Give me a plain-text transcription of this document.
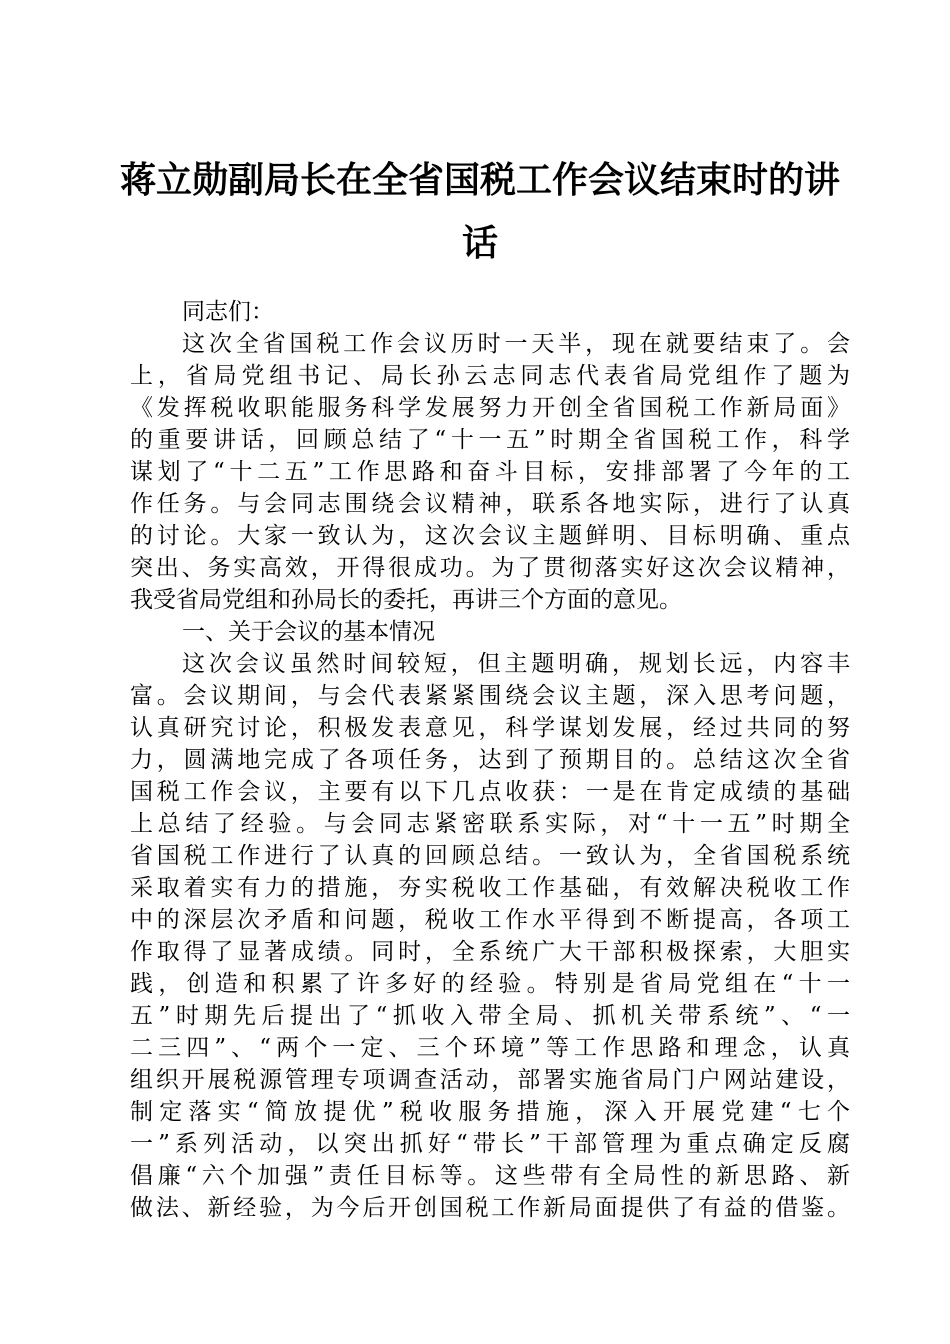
蒋立勋副局长在全省国税工作会议结束时的讲
话
同志们：
这次全省国税工作会议历时一天半，现在就要结束了。会
上，省局党组书记、局长孙云志同志代表省局党组作了题为
《发挥税收职能服务科学发展努力开创全省国税工作新局面》
的重要讲话，回顾总结了“十一五”时期全省国税工作，科学
谋划了“十二五”工作思路和奋斗目标，安排部署了今年的工
作任务。与会同志围绕会议精神，联系各地实际，进行了认真
的讨论。大家一致认为，这次会议主题鲜明、目标明确、重点
突出、务实高效，开得很成功。为了贯彻落实好这次会议精神，
我受省局党组和孙局长的委托，再讲三个方面的意见。
一、关于会议的基本情况
这次会议虽然时间较短，但主题明确，规划长远，内容丰
富。会议期间，与会代表紧紧围绕会议主题，深入思考问题，
认真研究讨论，积极发表意见，科学谋划发展，经过共同的努
力，圆满地完成了各项任务，达到了预期目的。总结这次全省
国税工作会议，主要有以下几点收获：一是在肯定成绩的基础
上总结了经验。与会同志紧密联系实际，对“十一五”时期全
省国税工作进行了认真的回顾总结。一致认为，全省国税系统
采取着实有力的措施，夯实税收工作基础，有效解决税收工作
中的深层次矛盾和问题，税收工作水平得到不断提高，各项工
作取得了显著成绩。同时，全系统广大干部积极探索，大胆实
践，创造和积累了许多好的经验。特别是省局党组在“十一
五”时期先后提出了“抓收入带全局、抓机关带系统”、“一
二三四”、“两个一定、三个环境”等工作思路和理念，认真
组织开展税源管理专项调查活动，部署实施省局门户网站建设，
制定落实“简放提优”税收服务措施，深入开展党建“七个
一”系列活动，以突出抓好“带长”干部管理为重点确定反腐
倡廉“六个加强”责任目标等。这些带有全局性的新思路、新
做法、新经验，为今后开创国税工作新局面提供了有益的借鉴。
